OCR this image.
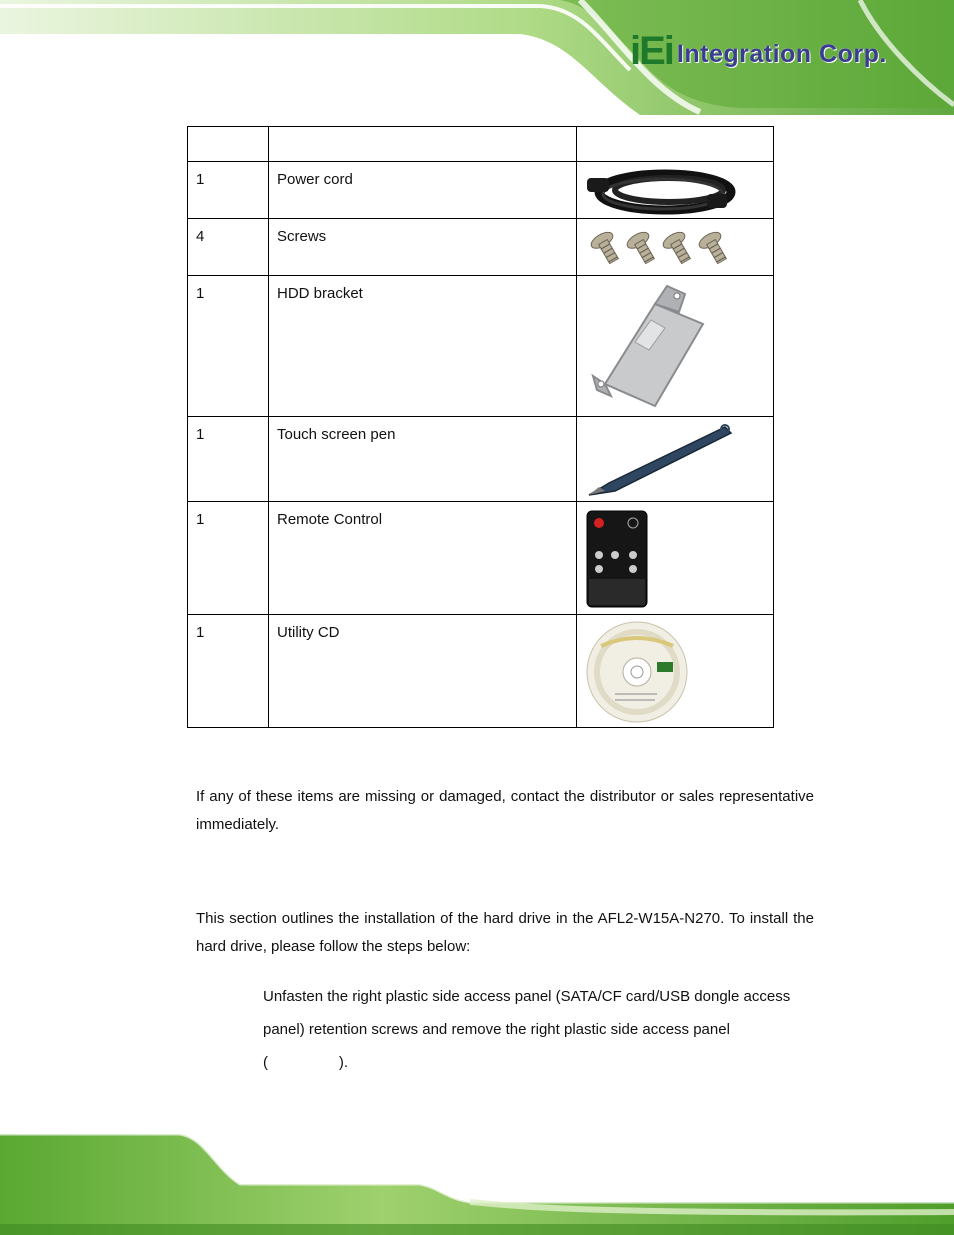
iEi Integration Corp.

1	Power cord

4	Screws

1	HDD bracket

1	Touch screen pen

1	Remote Control

1	Utility CD

If any of these items are missing or damaged, contact the distributor or sales representative immediately.
This section outlines the installation of the hard drive in the AFL2-W15A-N270. To install the hard drive, please follow the steps below:
Unfasten the right plastic side access panel (SATA/CF card/USB dongle access
panel) retention screws and remove the right plastic side access panel
(                 ).
